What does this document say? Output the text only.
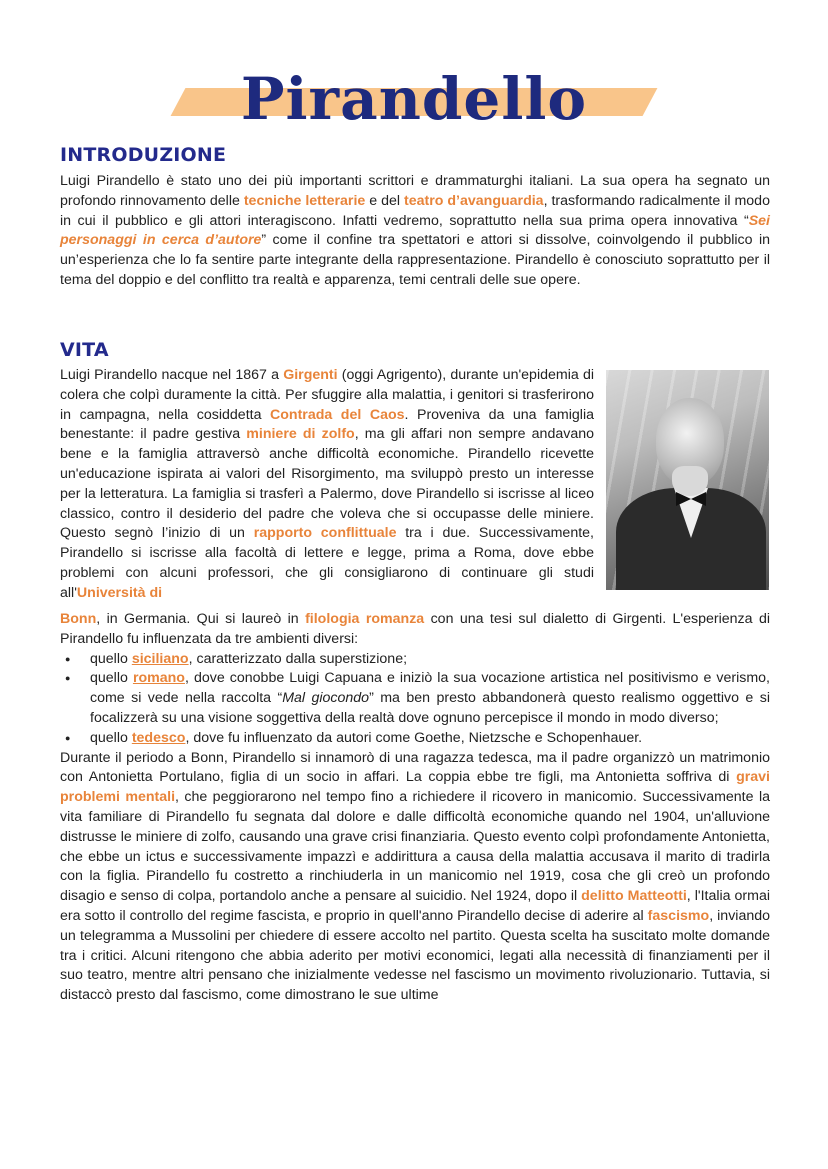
Pirandello
INTRODUZIONE

Luigi Pirandello è stato uno dei più importanti scrittori e drammaturghi italiani. La sua opera ha segnato un profondo rinnovamento delle tecniche letterarie e del teatro d’avanguardia, trasformando radicalmente il modo in cui il pubblico e gli attori interagiscono. Infatti vedremo, soprattutto nella sua prima opera innovativa “Sei personaggi in cerca d’autore” come il confine tra spettatori e attori si dissolve, coinvolgendo il pubblico in un’esperienza che lo fa sentire parte integrante della rappresentazione. Pirandello è conosciuto soprattutto per il tema del doppio e del conflitto tra realtà e apparenza, temi centrali delle sue opere.

VITA

Luigi Pirandello nacque nel 1867 a Girgenti (oggi Agrigento), durante un'epidemia di colera che colpì duramente la città. Per sfuggire alla malattia, i genitori si trasferirono in campagna, nella cosiddetta Contrada del Caos. Proveniva da una famiglia benestante: il padre gestiva miniere di zolfo, ma gli affari non sempre andavano bene e la famiglia attraversò anche difficoltà economiche. Pirandello ricevette un'educazione ispirata ai valori del Risorgimento, ma sviluppò presto un interesse per la letteratura. La famiglia si trasferì a Palermo, dove Pirandello si iscrisse al liceo classico, contro il desiderio del padre che voleva che si occupasse delle miniere. Questo segnò l’inizio di un rapporto conflittuale tra i due. Successivamente, Pirandello si iscrisse alla facoltà di lettere e legge, prima a Roma, dove ebbe problemi con alcuni professori, che gli consigliarono di continuare gli studi all'Università di

Bonn, in Germania. Qui si laureò in filologia romanza con una tesi sul dialetto di Girgenti. L'esperienza di Pirandello fu influenzata da tre ambienti diversi:

● quello siciliano, caratterizzato dalla superstizione;
● quello romano, dove conobbe Luigi Capuana e iniziò la sua vocazione artistica nel positivismo e verismo, come si vede nella raccolta “Mal giocondo” ma ben presto abbandonerà questo realismo oggettivo e si focalizzerà su una visione soggettiva della realtà dove ognuno percepisce il mondo in modo diverso;
● quello tedesco, dove fu influenzato da autori come Goethe, Nietzsche e Schopenhauer.

Durante il periodo a Bonn, Pirandello si innamorò di una ragazza tedesca, ma il padre organizzò un matrimonio con Antonietta Portulano, figlia di un socio in affari. La coppia ebbe tre figli, ma Antonietta soffriva di gravi problemi mentali, che peggiorarono nel tempo fino a richiedere il ricovero in manicomio. Successivamente la vita familiare di Pirandello fu segnata dal dolore e dalle difficoltà economiche quando nel 1904, un'alluvione distrusse le miniere di zolfo, causando una grave crisi finanziaria. Questo evento colpì profondamente Antonietta, che ebbe un ictus e successivamente impazzì e addirittura a causa della malattia accusava il marito di tradirla con la figlia. Pirandello fu costretto a rinchiuderla in un manicomio nel 1919, cosa che gli creò un profondo disagio e senso di colpa, portandolo anche a pensare al suicidio. Nel 1924, dopo il delitto Matteotti, l'Italia ormai era sotto il controllo del regime fascista, e proprio in quell'anno Pirandello decise di aderire al fascismo, inviando un telegramma a Mussolini per chiedere di essere accolto nel partito. Questa scelta ha suscitato molte domande tra i critici. Alcuni ritengono che abbia aderito per motivi economici, legati alla necessità di finanziamenti per il suo teatro, mentre altri pensano che inizialmente vedesse nel fascismo un movimento rivoluzionario. Tuttavia, si distaccò presto dal fascismo, come dimostrano le sue ultime
